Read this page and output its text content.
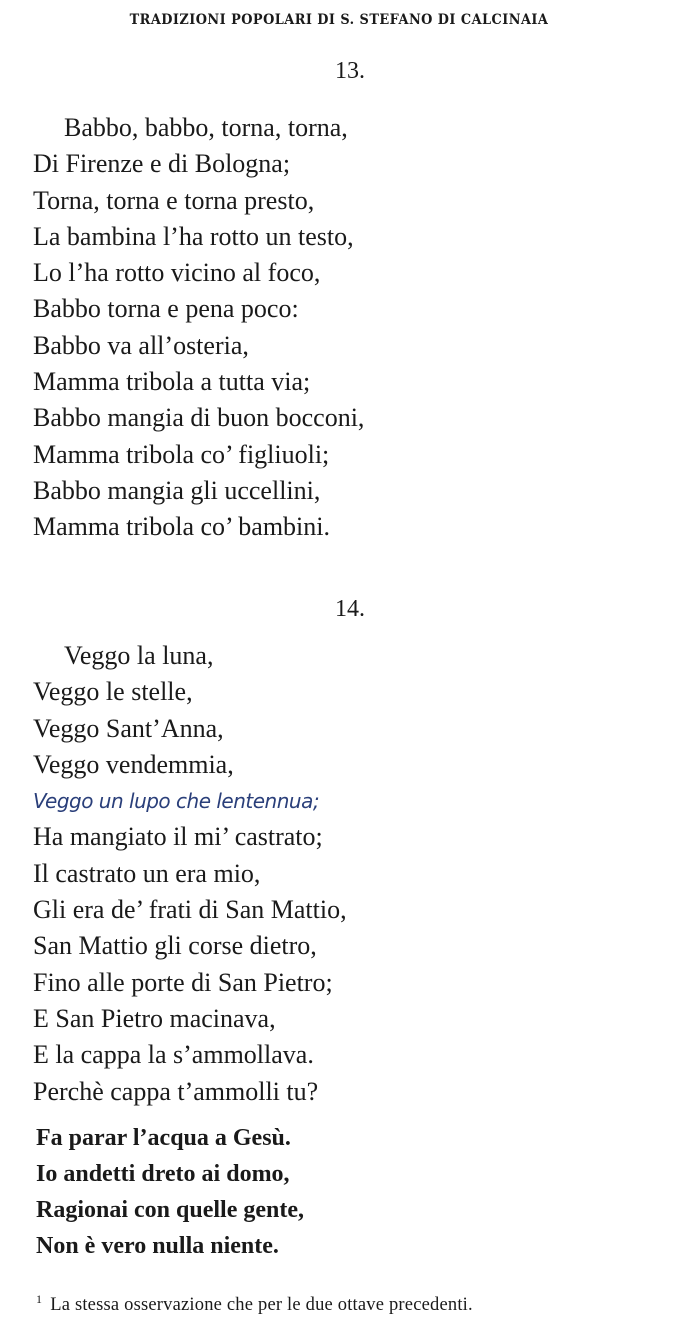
TRADIZIONI POPOLARI DI S. STEFANO DI CALCINAIA
13.
Babbo, babbo, torna, torna,
Di Firenze e di Bologna;
Torna, torna e torna presto,
La bambina l’ha rotto un testo,
Lo l’ha rotto vicino al foco,
Babbo torna e pena poco:
Babbo va all’osteria,
Mamma tribola a tutta via;
Babbo mangia di buon bocconi,
Mamma tribola co’ figliuoli;
Babbo mangia gli uccellini,
Mamma tribola co’ bambini.
14.
Veggo la luna,
Veggo le stelle,
Veggo Sant’Anna,
Veggo vendemmia,
Veggo un lupo che lentennua;
Ha mangiato il mi’ castrato;
Il castrato un era mio,
Gli era de’ frati di San Mattio,
San Mattio gli corse dietro,
Fino alle porte di San Pietro;
E San Pietro macinava,
E la cappa la s’ammollava.
Perchè cappa t’ammolli tu?
Fa parar l’acqua a Gesù.
Io andetti dreto ai domo,
Ragionai con quelle gente,
Non è vero nulla niente.
$^1$ La stessa osservazione che per le due ottave precedenti.
